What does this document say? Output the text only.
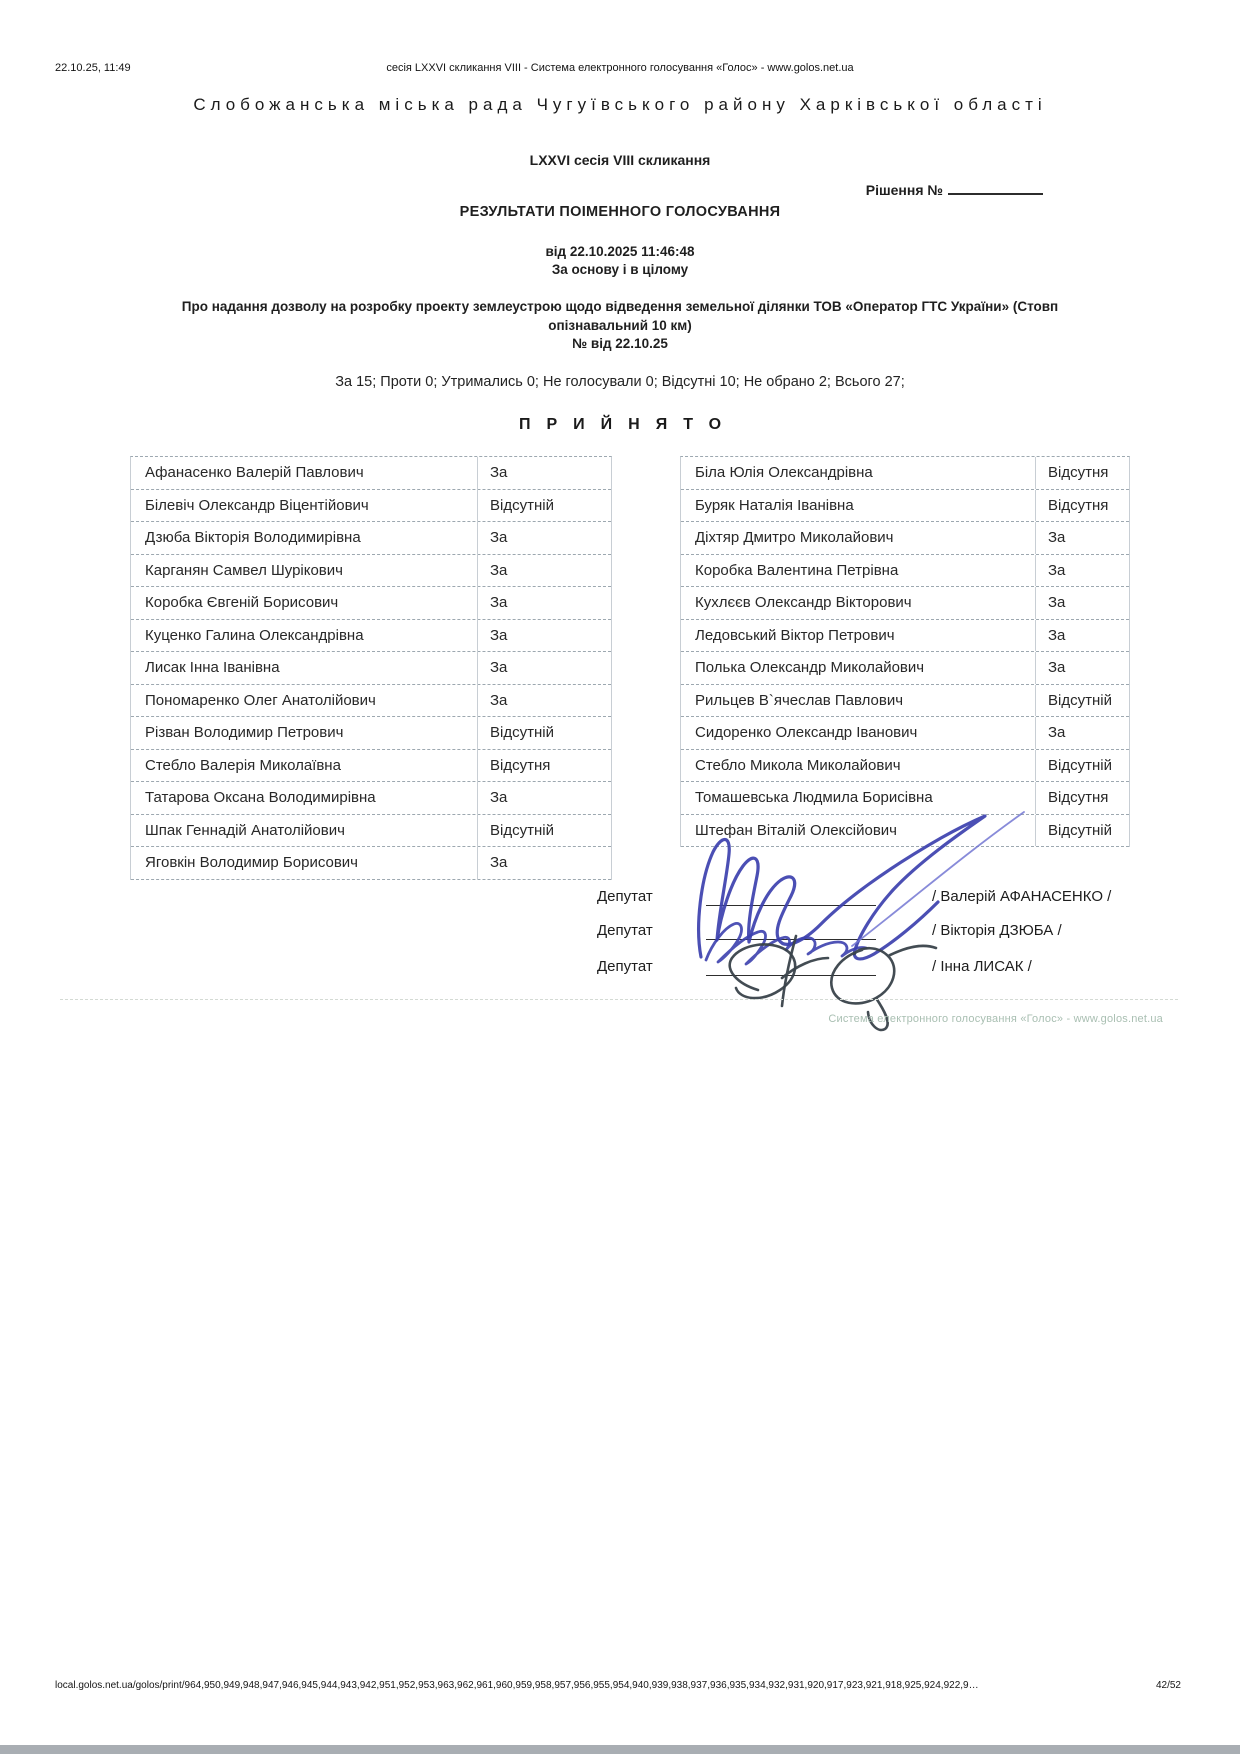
22.10.25, 11:49	сесія LXXVI скликання VIII - Система електронного голосування «Голос» - www.golos.net.ua
Слобожанська міська рада Чугуївського району Харківської області
LXXVI сесія VIII скликання
Рішення №
РЕЗУЛЬТАТИ ПОІМЕННОГО ГОЛОСУВАННЯ
від 22.10.2025 11:46:48
За основу і в цілому
Про надання дозволу на розробку проекту землеустрою щодо відведення земельної ділянки ТОВ «Оператор ГТС України» (Стовп
опізнавальний 10 км)
№ від 22.10.25
За 15; Проти 0; Утримались 0; Не голосували 0; Відсутні 10; Не обрано 2; Всього 27;
ПРИЙНЯТО
Афанасенко Валерій Павлович	За
Білевіч Олександр Віцентійович	Відсутній
Дзюба Вікторія Володимирівна	За
Карганян Самвел Шурікович	За
Коробка Євгеній Борисович	За
Куценко Галина Олександрівна	За
Лисак Інна Іванівна	За
Пономаренко Олег Анатолійович	За
Різван Володимир Петрович	Відсутній
Стебло Валерія Миколаївна	Відсутня
Татарова Оксана Володимирівна	За
Шпак Геннадій Анатолійович	Відсутній
Яговкін Володимир Борисович	За
Біла Юлія Олександрівна	Відсутня
Буряк Наталія Іванівна	Відсутня
Діхтяр Дмитро Миколайович	За
Коробка Валентина Петрівна	За
Кухлєєв Олександр Вікторович	За
Ледовський Віктор Петрович	За
Полька Олександр Миколайович	За
Рильцев В`ячеслав Павлович	Відсутній
Сидоренко Олександр Іванович	За
Стебло Микола Миколайович	Відсутній
Томашевська Людмила Борисівна	Відсутня
Штефан Віталій Олексійович	Відсутній
Депутат	/ Валерій АФАНАСЕНКО /
Депутат	/ Вікторія ДЗЮБА /
Депутат	/ Інна ЛИСАК /
Система електронного голосування «Голос» - www.golos.net.ua
local.golos.net.ua/golos/print/964,950,949,948,947,946,945,944,943,942,951,952,953,963,962,961,960,959,958,957,956,955,954,940,939,938,937,936,935,934,932,931,920,917,923,921,918,925,924,922,9…	42/52
